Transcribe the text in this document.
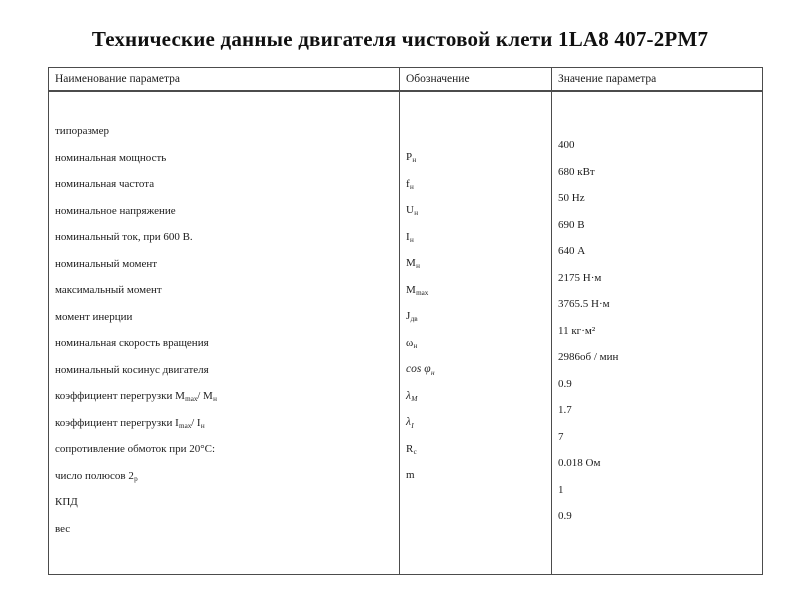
Технические данные двигателя чистовой клети 1LA8 407-2PM7
Наименование параметра	Обозначение	Значение параметра
типоразмер
номинальная мощность
номинальная частота
номинальное напряжение
номинальный ток, при 600 В.
номинальный момент
максимальный момент
момент инерции
номинальная скорость вращения
номинальный косинус двигателя
коэффициент перегрузки $M_{max} / M_н$
коэффициент перегрузки $I_{max} / I_н$
сопротивление обмоток при 20°С:
число полюсов $2_р$
КПД
вес
$P_н$
$f_н$
$U_н$
$I_н$
$M_н$
$M_{max}$
$J_{дв}$
$\omega_н$
$\cos \varphi_н$
$\lambda_M$
$\lambda_I$
$R_с$
m
400
680 кВт
50 Hz
690 В
640 А
2175 Н·м
3765.5 Н·м
11 кг·м²
2986об / мин
0.9
1.7
7
0.018 Ом
1
0.9
